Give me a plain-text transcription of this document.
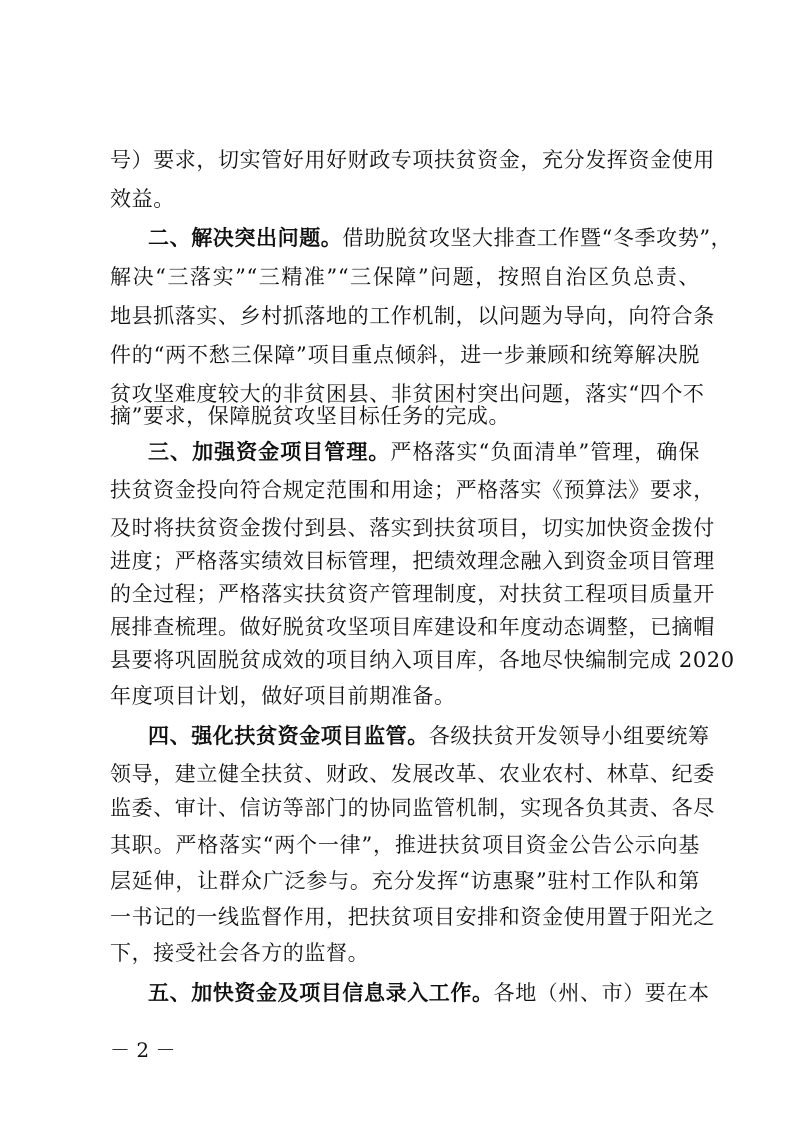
号）要求，切实管好用好财政专项扶贫资金，充分发挥资金使用
效益。
二、解决突出问题。借助脱贫攻坚大排查工作暨“冬季攻势”，
解决“三落实”“三精准”“三保障”问题，按照自治区负总责、
地县抓落实、乡村抓落地的工作机制，以问题为导向，向符合条
件的“两不愁三保障”项目重点倾斜，进一步兼顾和统筹解决脱
贫攻坚难度较大的非贫困县、非贫困村突出问题，落实“四个不
摘”要求，保障脱贫攻坚目标任务的完成。
三、加强资金项目管理。严格落实“负面清单”管理，确保
扶贫资金投向符合规定范围和用途；严格落实《预算法》要求，
及时将扶贫资金拨付到县、落实到扶贫项目，切实加快资金拨付
进度；严格落实绩效目标管理，把绩效理念融入到资金项目管理
的全过程；严格落实扶贫资产管理制度，对扶贫工程项目质量开
展排查梳理。做好脱贫攻坚项目库建设和年度动态调整，已摘帽
县要将巩固脱贫成效的项目纳入项目库，各地尽快编制完成 2020
年度项目计划，做好项目前期准备。
四、强化扶贫资金项目监管。各级扶贫开发领导小组要统筹
领导，建立健全扶贫、财政、发展改革、农业农村、林草、纪委
监委、审计、信访等部门的协同监管机制，实现各负其责、各尽
其职。严格落实“两个一律”，推进扶贫项目资金公告公示向基
层延伸，让群众广泛参与。充分发挥“访惠聚”驻村工作队和第
一书记的一线监督作用，把扶贫项目安排和资金使用置于阳光之
下，接受社会各方的监督。
五、加快资金及项目信息录入工作。各地（州、市）要在本
－ 2 －
